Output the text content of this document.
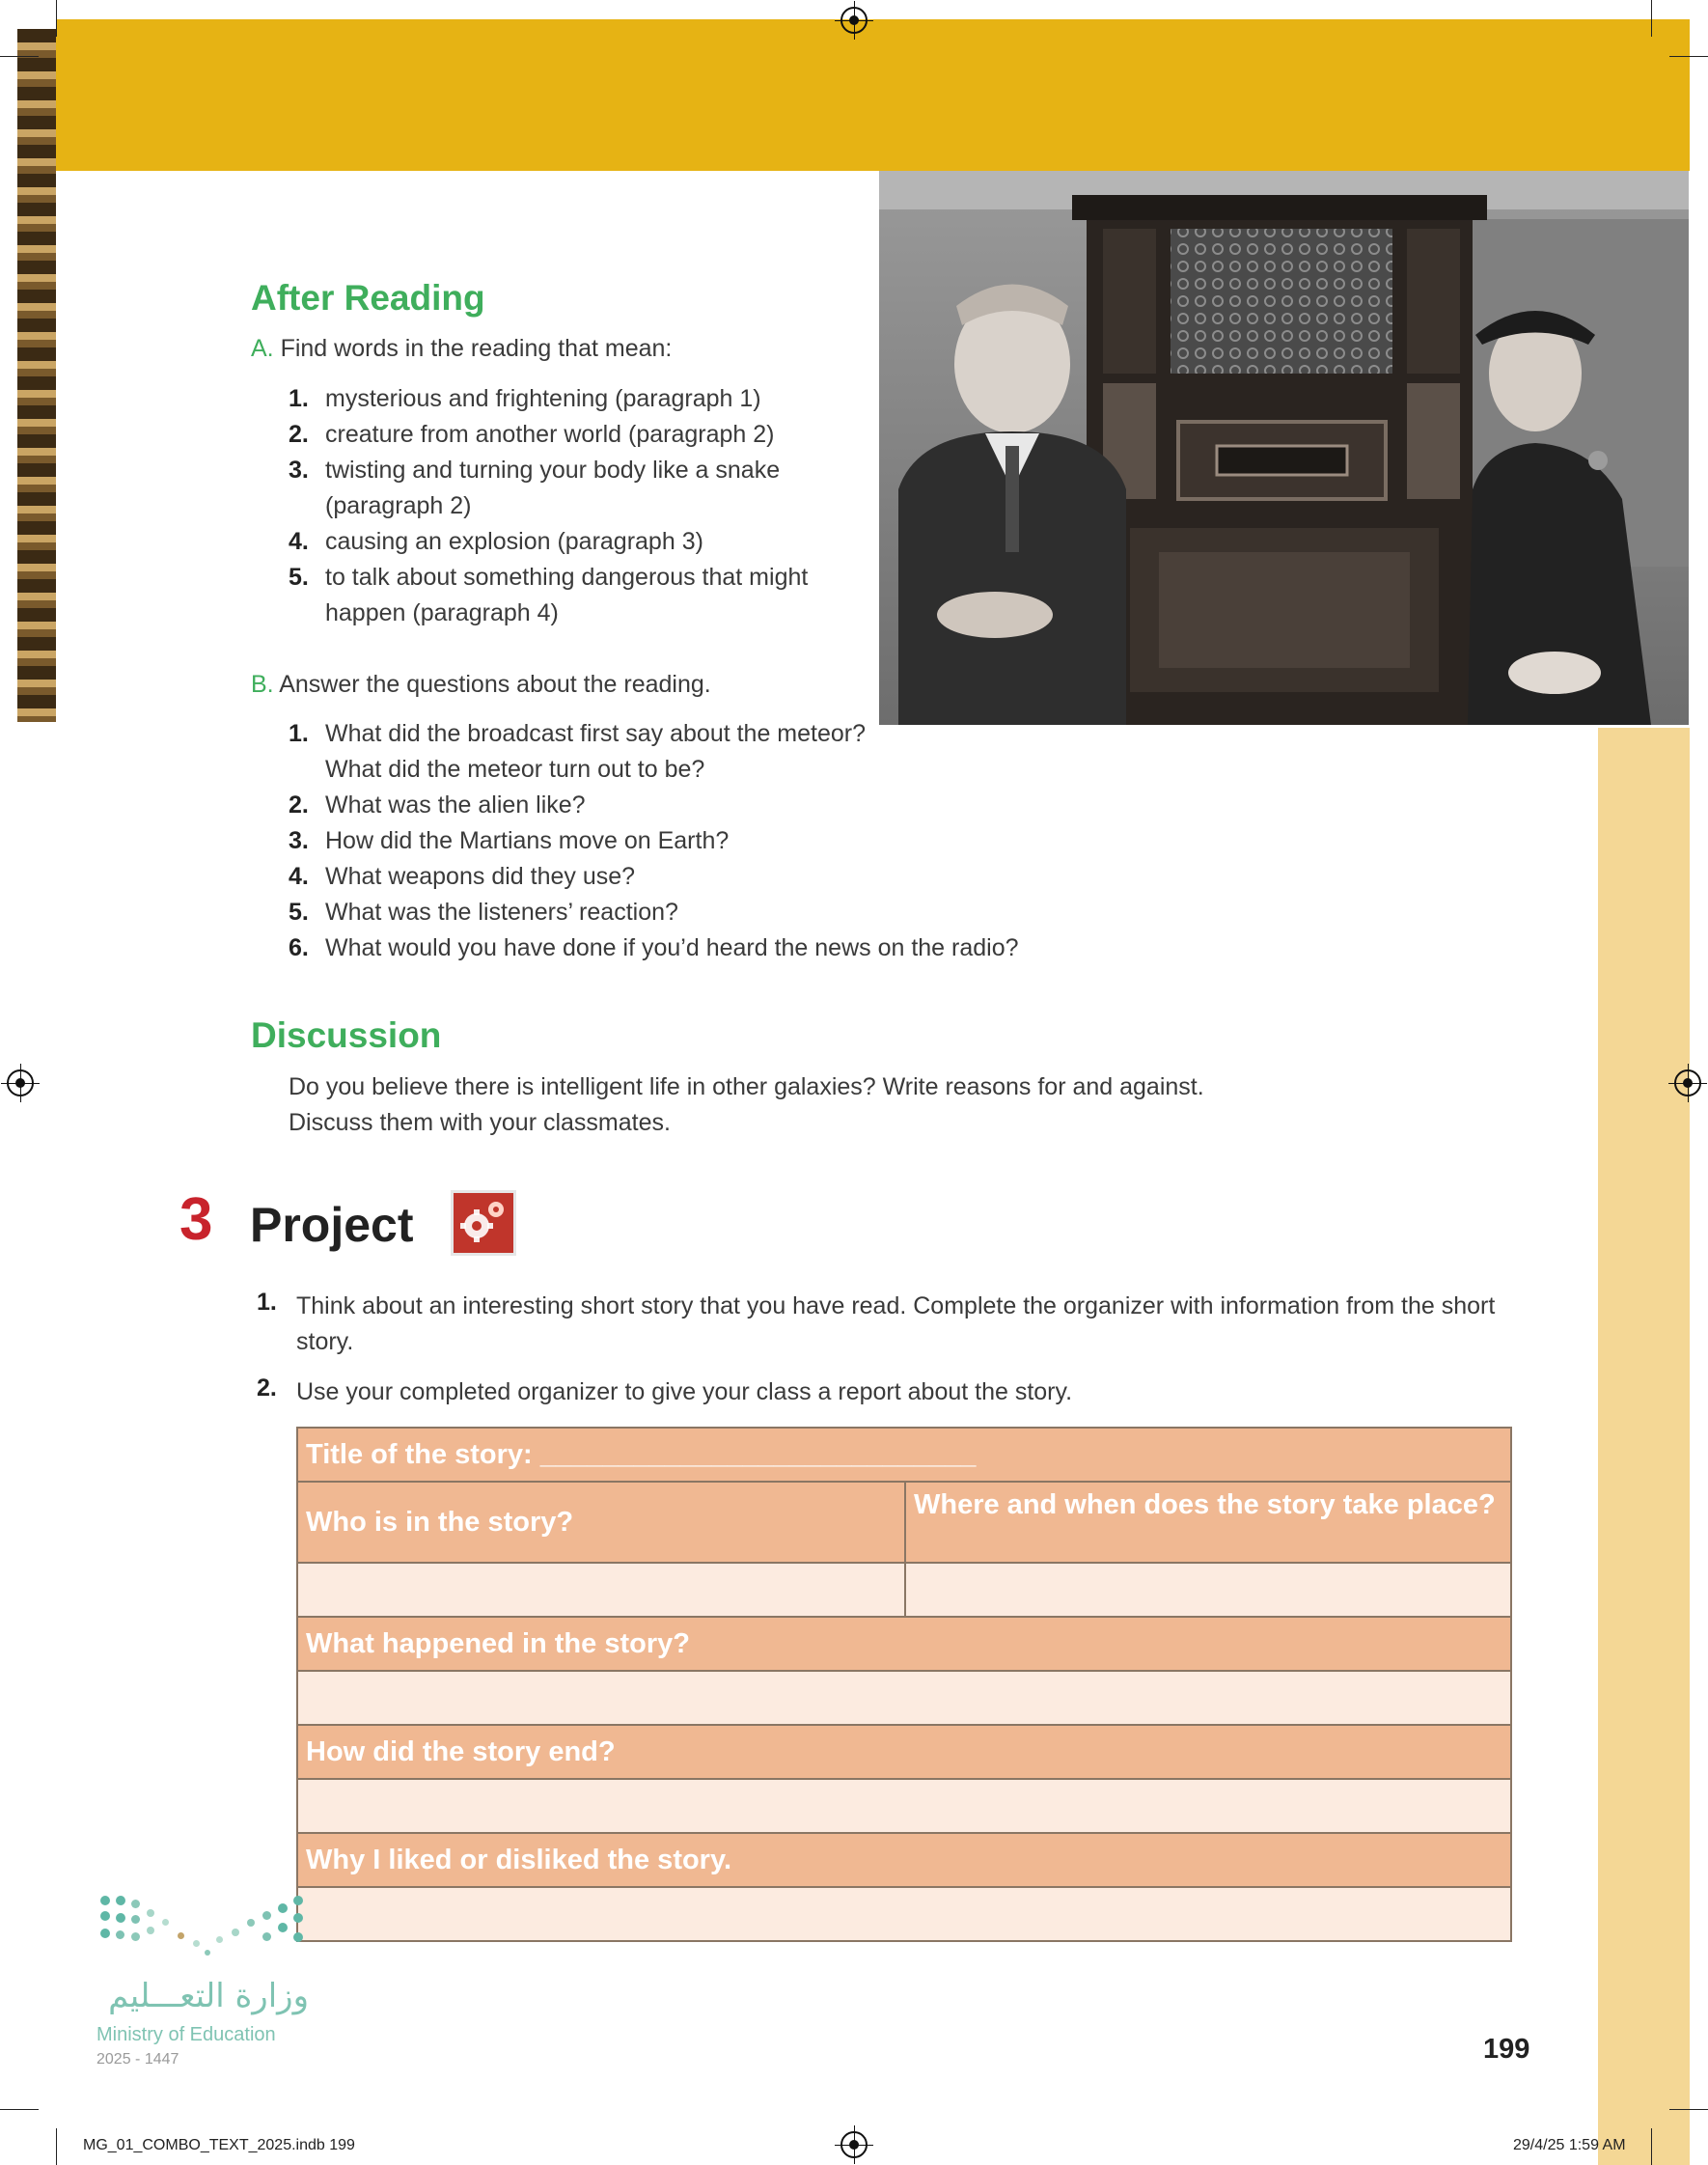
After Reading
A. Find words in the reading that mean:
1. mysterious and frightening (paragraph 1)
2. creature from another world (paragraph 2)
3. twisting and turning your body like a snake (paragraph 2)
4. causing an explosion (paragraph 3)
5. to talk about something dangerous that might happen (paragraph 4)
B. Answer the questions about the reading.
1. What did the broadcast first say about the meteor? What did the meteor turn out to be?
2. What was the alien like?
3. How did the Martians move on Earth?
4. What weapons did they use?
5. What was the listeners’ reaction?
6. What would you have done if you’d heard the news on the radio?
Discussion
Do you believe there is intelligent life in other galaxies? Write reasons for and against.
Discuss them with your classmates.
3 Project
1. Think about an interesting short story that you have read. Complete the organizer with information from the short story.
2. Use your completed organizer to give your class a report about the story.
Title of the story: ____________________________
Who is in the story?
Where and when does the story take place?
What happened in the story?
How did the story end?
Why I liked or disliked the story.
وزارة التعـــليم
Ministry of Education
2025 - 1447	199
MG_01_COMBO_TEXT_2025.indb 199	29/4/25 1:59 AM
